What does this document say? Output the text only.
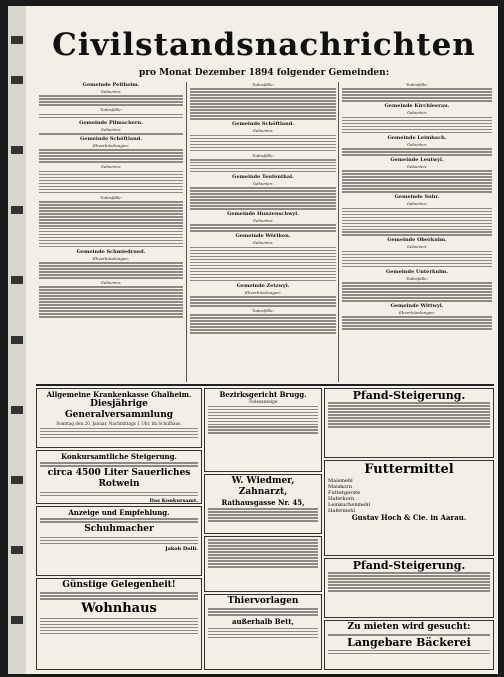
Civilstandsnachrichten
pro Monat Dezember 1894 folgender Gemeinden:
Gemeinde Peltheim.
Geburten:
Todesfälle:
Gemeinde Pilmachern.
Geburten:
Gemeinde Schöftland.
Ehverkündungen:
Geburten:
Todesfälle:
Gemeinde Schmiedrued.
Ehverkündungen:
Geburten:
Todesfälle:
Gemeinde Schöftland.
Geburten:
Todesfälle:
Gemeinde Teufenthal.
Geburten:
Gemeinde Hunzenschwyl.
Geburten:
Gemeinde Wöriken.
Geburten:
Gemeinde Zetzwyl.
Ehverkündungen:
Todesfälle:
Todesfälle:
Gemeinde Kirchleerau.
Geburten:
Gemeinde Leimbach.
Geburten:
Gemeinde Leutwyl.
Geburten:
Gemeinde Suhr.
Geburten:
Gemeinde Oberkulm.
Geburten:
Gemeinde Unterkulm.
Todesfälle:
Gemeinde Wittwyl.
Ehverkündungen:
Allgemeine Krankenkasse Ghalheim.
Diesjährige Generalversammlung
Sonntag den 20. Januar, Nachmittags 1 Uhr, im Schulhaus.
Konkursamtliche Steigerung.
circa 4500 Liter Sauerliches Rotwein
Das Konkursamt.
Anzeige und Empfehlung.
Schuhmacher
Jakob Dolli.
Günstige Gelegenheit!
Wohnhaus
Bezirksgericht Brugg.
Todesanzeige
W. Wiedmer, Zahnarzt,
Rathausgasse Nr. 45,
Thiervorlagen
außerhalb Bett,
Pfand-Steigerung.
Futtermittel
Maismehl
Maiskorn
Futtergerste
Haferkorn
Leinkuchenmehl
Hafermehl
Gustav Hoch & Cie. in Aarau.
Pfand-Steigerung.
Zu mieten wird gesucht:
Langebare Bäckerei
